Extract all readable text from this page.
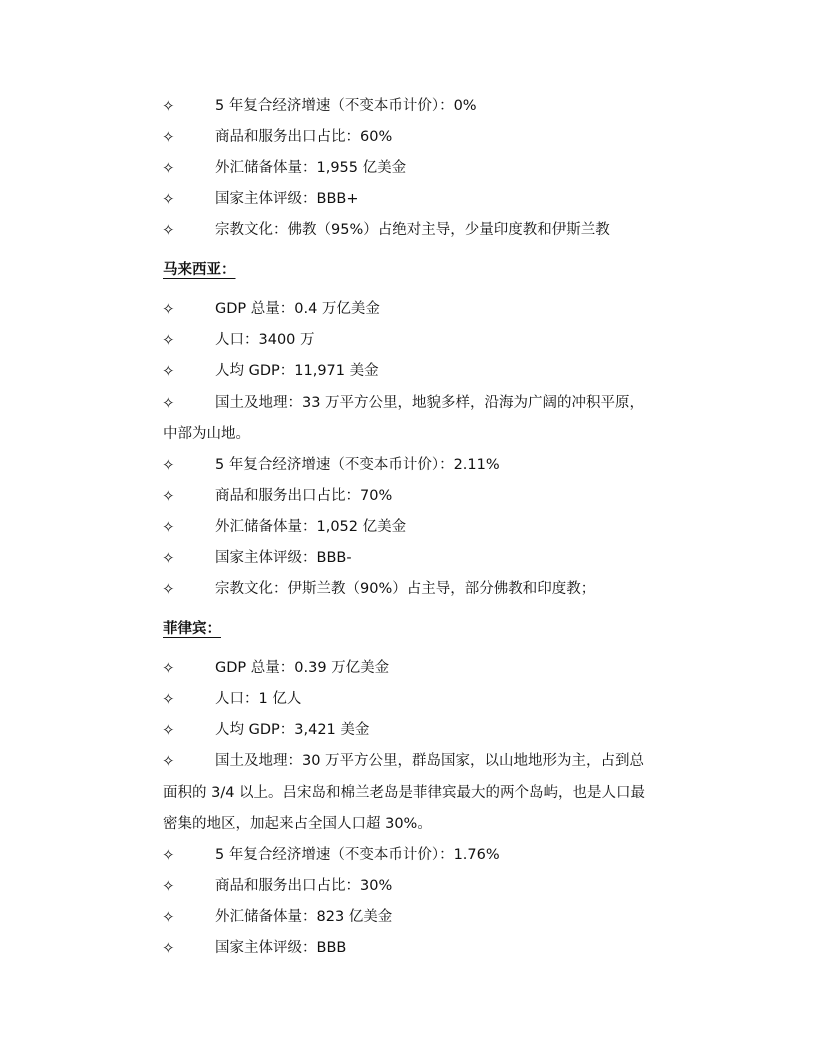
✧	5 年复合经济增速（不变本币计价）：0%
✧	商品和服务出口占比：60%
✧	外汇储备体量：1,955 亿美金
✧	国家主体评级：BBB+
✧	宗教文化：佛教（95%）占绝对主导，少量印度教和伊斯兰教
马来西亚：
✧	GDP 总量：0.4 万亿美金
✧	人口：3400 万
✧	人均 GDP：11,971 美金
✧	国土及地理：33 万平方公里，地貌多样，沿海为广阔的冲积平原，
中部为山地。
✧	5 年复合经济增速（不变本币计价）：2.11%
✧	商品和服务出口占比：70%
✧	外汇储备体量：1,052 亿美金
✧	国家主体评级：BBB-
✧	宗教文化：伊斯兰教（90%）占主导，部分佛教和印度教；
菲律宾：
✧	GDP 总量：0.39 万亿美金
✧	人口：1 亿人
✧	人均 GDP：3,421 美金
✧	国土及地理：30 万平方公里，群岛国家，以山地地形为主，占到总
面积的 3/4 以上。吕宋岛和棉兰老岛是菲律宾最大的两个岛屿，也是人口最
密集的地区，加起来占全国人口超 30%。
✧	5 年复合经济增速（不变本币计价）：1.76%
✧	商品和服务出口占比：30%
✧	外汇储备体量：823 亿美金
✧	国家主体评级：BBB
